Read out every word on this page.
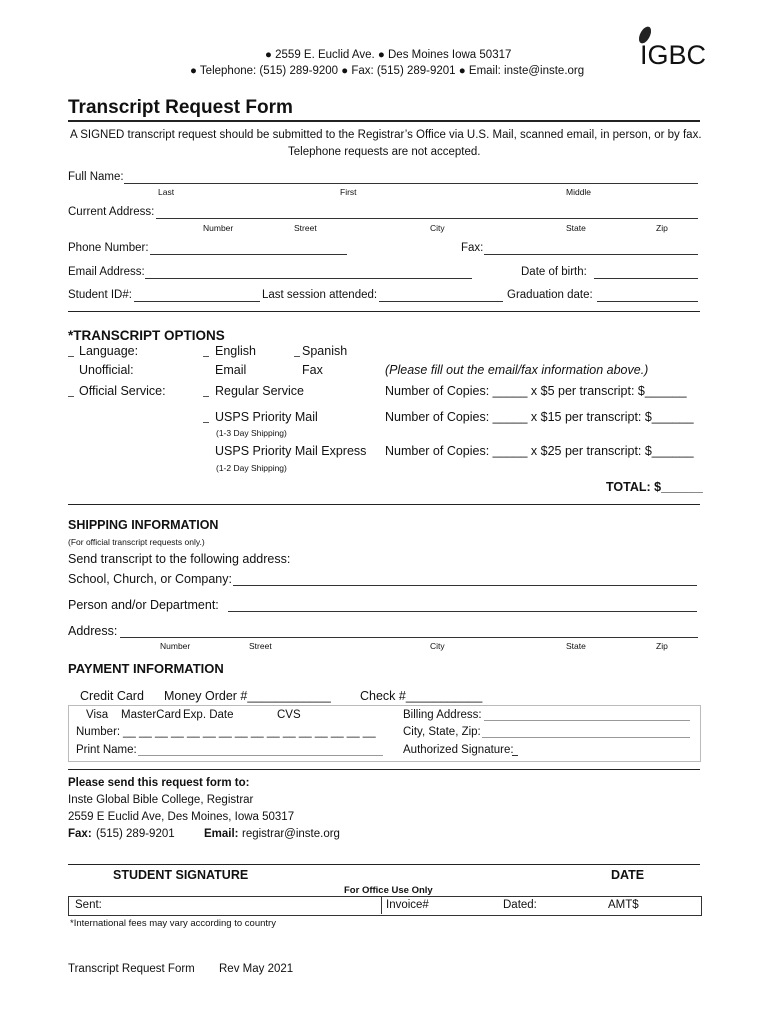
● 2559 E. Euclid Ave. ● Des Moines Iowa 50317
● Telephone: (515) 289-9200 ● Fax: (515) 289-9201 ● Email: inste@inste.org
IGBC
Transcript Request Form
A SIGNED transcript request should be submitted to the Registrar’s Office via U.S. Mail, scanned email, in person, or by fax.
Telephone requests are not accepted.
Full Name:
Last	First	Middle
Current Address:
Number	Street	City	State	Zip
Phone Number:	Fax:
Email Address:	Date of birth:
Student ID#:	Last session attended:	Graduation date:
*TRANSCRIPT OPTIONS
Language:	English	Spanish
Unofficial:	Email	Fax	(Please fill out the email/fax information above.)
Official Service:	Regular Service	Number of Copies: _____ x $5 per transcript: $______
USPS Priority Mail	Number of Copies: _____ x $15 per transcript: $______
(1-3 Day Shipping)
USPS Priority Mail Express Number of Copies: _____ x $25 per transcript: $______
(1-2 Day Shipping)
TOTAL: $______
SHIPPING INFORMATION
(For official transcript requests only.)
Send transcript to the following address:
School, Church, or Company:
Person and/or Department:
Address:
Number	Street	City	State	Zip
PAYMENT INFORMATION
Credit Card Money Order #____________ Check #___________
Visa MasterCard Exp. Date	CVS	Billing Address:
Number: __ __ __ __ __ __ __ __ __ __ __ __ __ __ __ __ City, State, Zip:
Print Name:	Authorized Signature:
Please send this request form to:
Inste Global Bible College, Registrar
2559 E Euclid Ave, Des Moines, Iowa 50317
Fax: (515) 289-9201	Email: registrar@inste.org
STUDENT SIGNATURE	DATE
For Office Use Only
Sent:	Invoice#	Dated:	AMT$
*International fees may vary according to country
Transcript Request Form Rev May 2021
